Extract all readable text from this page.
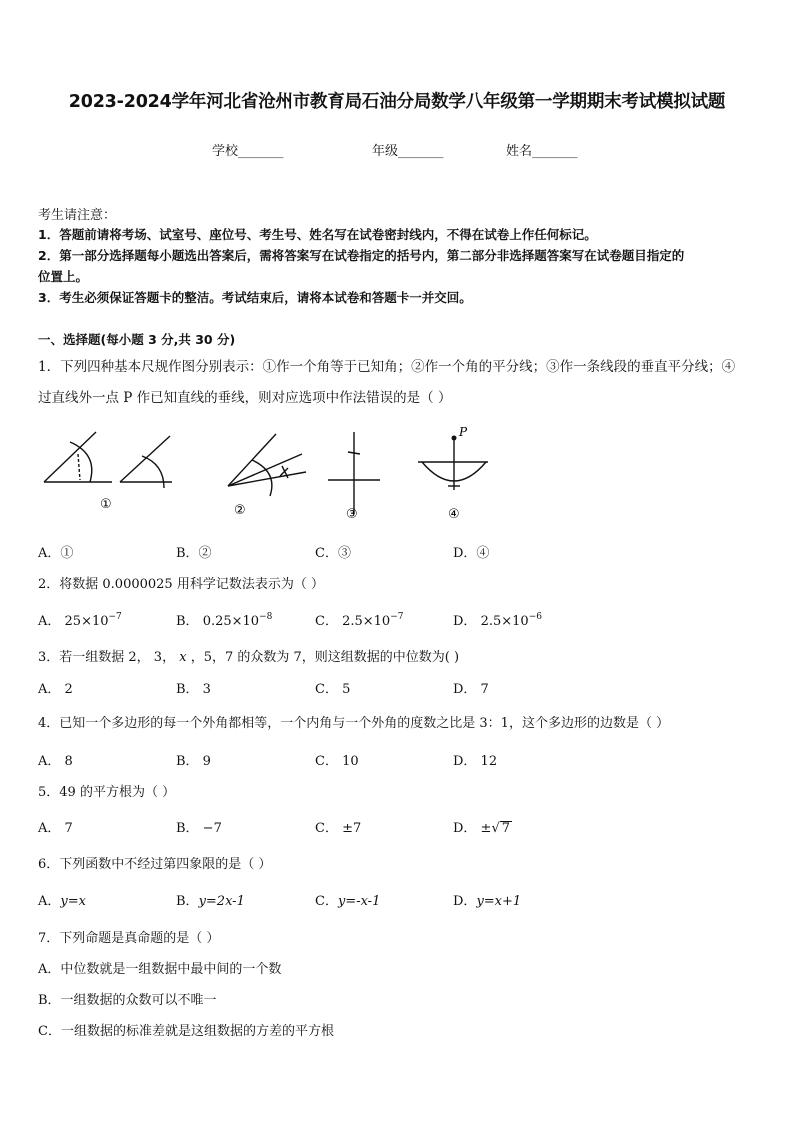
2023-2024学年河北省沧州市教育局石油分局数学八年级第一学期期末考试模拟试题
学校_______	年级_______	姓名_______
考生请注意：
1．答题前请将考场、试室号、座位号、考生号、姓名写在试卷密封线内，不得在试卷上作任何标记。
2．第一部分选择题每小题选出答案后，需将答案写在试卷指定的括号内，第二部分非选择题答案写在试卷题目指定的
位置上。
3．考生必须保证答题卡的整洁。考试结束后，请将本试卷和答题卡一并交回。
一、选择题(每小题 3 分,共 30 分)
1．下列四种基本尺规作图分别表示：①作一个角等于已知角；②作一个角的平分线；③作一条线段的垂直平分线；④
过直线外一点 P 作已知直线的垂线，则对应选项中作法错误的是（ ）
P
①	②	③	④
A．①	B．②	C．③	D．④
2．将数据 0.0000025 用科学记数法表示为（ ）
A． $25\times 10^{-7}$	B． $0.25\times 10^{-8}$	C． $2.5\times 10^{-7}$	D． $2.5\times 10^{-6}$
3．若一组数据 2， 3， x ，5，7 的众数为 7，则这组数据的中位数为( )
A． 2	B． 3	C． 5	D． 7
4．已知一个多边形的每一个外角都相等，一个内角与一个外角的度数之比是 3：1，这个多边形的边数是（ ）
A． 8	B． 9	C． 10	D． 12
5．49 的平方根为（ ）
A． 7	B． −7	C． ±7	D． ±√ 7
6．下列函数中不经过第四象限的是（ ）
A．y=x	B．y=2x-1	C．y=-x-1	D．y=x+1
7．下列命题是真命题的是（ ）
A．中位数就是一组数据中最中间的一个数
B．一组数据的众数可以不唯一
C．一组数据的标准差就是这组数据的方差的平方根
